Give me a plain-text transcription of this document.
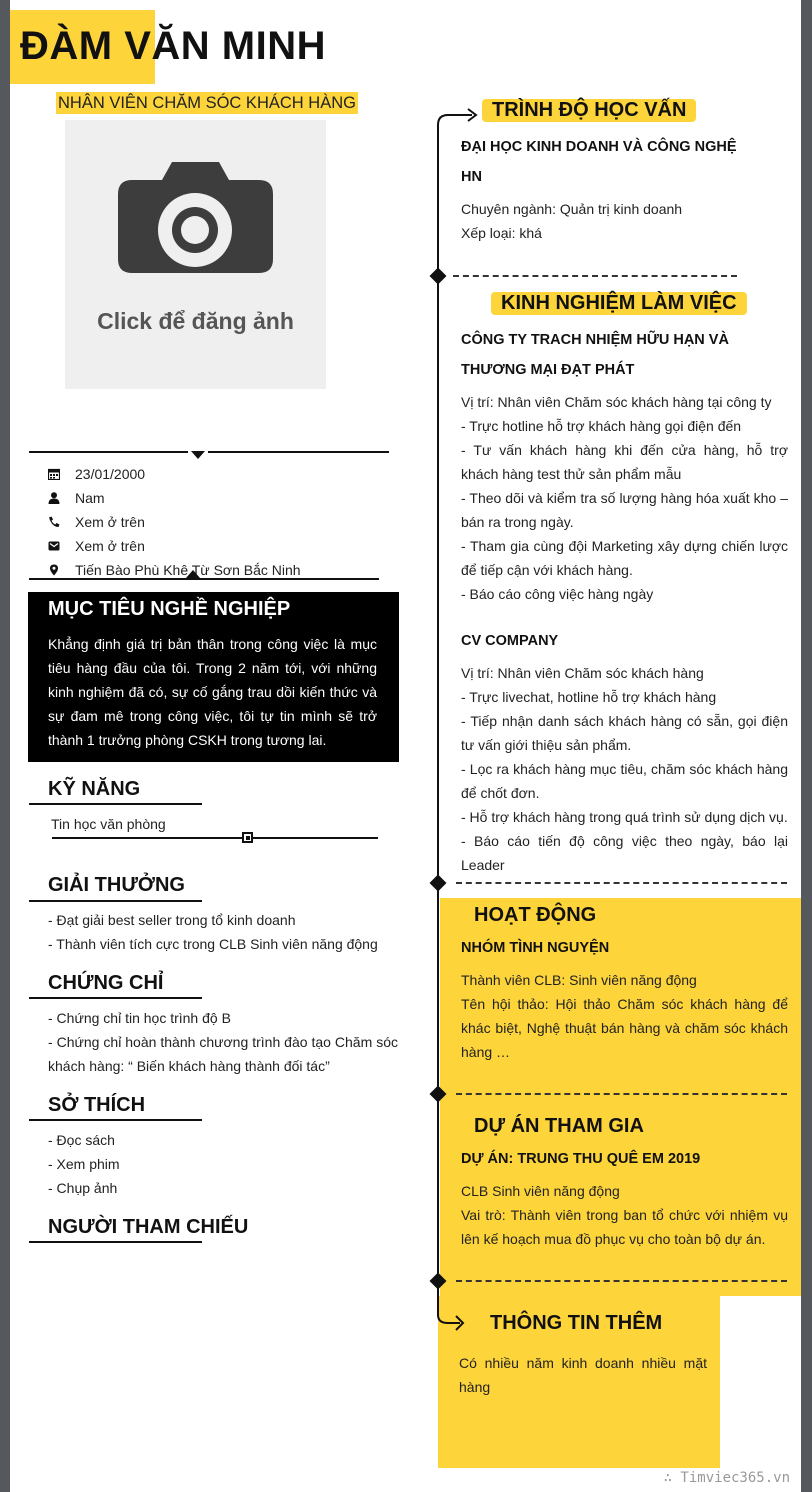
ĐÀM VĂN MINH
NHÂN VIÊN CHĂM SÓC KHÁCH HÀNG
Click để đăng ảnh
23/01/2000
Nam
Xem ở trên
Xem ở trên
Tiến Bào Phù Khê Từ Sơn Bắc Ninh
MỤC TIÊU NGHỀ NGHIỆP
Khẳng định giá trị bản thân trong công việc là mục tiêu hàng đầu của tôi. Trong 2 năm tới, với những kinh nghiệm đã có, sự cố gắng trau dồi kiến thức và sự đam mê trong công việc, tôi tự tin mình sẽ trở thành 1 trưởng phòng CSKH trong tương lai.
KỸ NĂNG
Tin học văn phòng
GIẢI THƯỞNG
- Đạt giải best seller trong tổ kinh doanh
- Thành viên tích cực trong CLB Sinh viên năng động
CHỨNG CHỈ
- Chứng chỉ tin học trình độ B
- Chứng chỉ hoàn thành chương trình đào tạo Chăm sóc khách hàng: “ Biến khách hàng thành đối tác”
SỞ THÍCH
- Đọc sách
- Xem phim
- Chụp ảnh
NGƯỜI THAM CHIẾU
TRÌNH ĐỘ HỌC VẤN
ĐẠI HỌC KINH DOANH VÀ CÔNG NGHỆ
HN
Chuyên ngành: Quản trị kinh doanh
Xếp loại: khá
KINH NGHIỆM LÀM VIỆC
CÔNG TY TRACH NHIỆM HỮU HẠN VÀ THƯƠNG MẠI ĐẠT PHÁT
Vị trí: Nhân viên Chăm sóc khách hàng tại công ty
- Trực hotline hỗ trợ khách hàng gọi điện đến
- Tư vấn khách hàng khi đến cửa hàng, hỗ trợ khách hàng test thử sản phẩm mẫu
- Theo dõi và kiểm tra số lượng hàng hóa xuất kho – bán ra trong ngày.
- Tham gia cùng đội Marketing xây dựng chiến lược để tiếp cận với khách hàng.
- Báo cáo công việc hàng ngày
CV COMPANY
Vị trí: Nhân viên Chăm sóc khách hàng
- Trực livechat, hotline hỗ trợ khách hàng
- Tiếp nhận danh sách khách hàng có sẵn, gọi điện tư vấn giới thiệu sản phẩm.
- Lọc ra khách hàng mục tiêu, chăm sóc khách hàng để chốt đơn.
- Hỗ trợ khách hàng trong quá trình sử dụng dịch vụ.
- Báo cáo tiến độ công việc theo ngày, báo lại Leader
HOẠT ĐỘNG
NHÓM TÌNH NGUYỆN
Thành viên CLB: Sinh viên năng động
Tên hội thảo: Hội thảo Chăm sóc khách hàng để khác biệt, Nghệ thuật bán hàng và chăm sóc khách hàng …
DỰ ÁN THAM GIA
DỰ ÁN: TRUNG THU QUÊ EM 2019
CLB Sinh viên năng động
Vai trò: Thành viên trong ban tổ chức với nhiệm vụ lên kế hoạch mua đồ phục vụ cho toàn bộ dự án.
THÔNG TIN THÊM
Có nhiều năm kinh doanh nhiều mặt hàng
∴ Timviec365.vn
